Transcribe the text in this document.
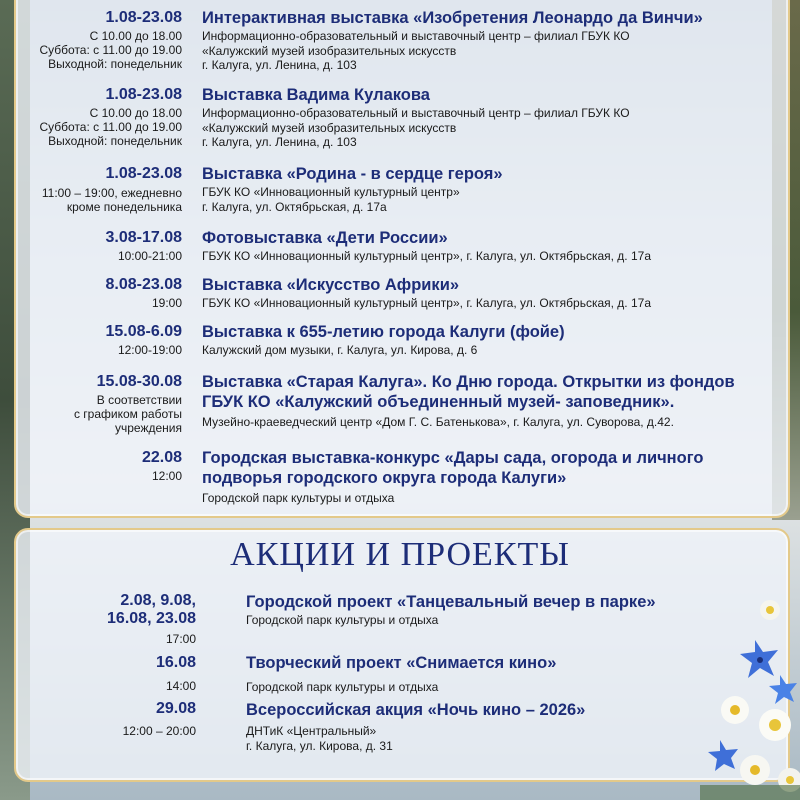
1.08-23.08
С 10.00 до 18.00
Суббота: с 11.00 до 19.00
Выходной: понедельник
Интерактивная выставка «Изобретения Леонардо да Винчи»
Информационно-образовательный и выставочный центр – филиал ГБУК КО
«Калужский музей изобразительных искусств
г. Калуга, ул. Ленина, д. 103
1.08-23.08
С 10.00 до 18.00
Суббота: с 11.00 до 19.00
Выходной: понедельник
Выставка Вадима Кулакова
Информационно-образовательный и выставочный центр – филиал ГБУК КО
«Калужский музей изобразительных искусств
г. Калуга, ул. Ленина, д. 103
1.08-23.08
11:00 – 19:00, ежедневно
кроме понедельника
Выставка «Родина - в сердце героя»
ГБУК КО «Инновационный культурный центр»
г. Калуга, ул. Октябрьская, д. 17а
3.08-17.08
10:00-21:00
Фотовыставка «Дети России»
ГБУК КО «Инновационный культурный центр», г. Калуга, ул. Октябрьская, д. 17а
8.08-23.08
19:00
Выставка «Искусство Африки»
ГБУК КО «Инновационный культурный центр», г. Калуга, ул. Октябрьская, д. 17а
15.08-6.09
12:00-19:00
Выставка к 655-летию города Калуги (фойе)
Калужский дом музыки, г. Калуга, ул. Кирова, д. 6
15.08-30.08
В соответствии
с графиком работы
учреждения
Выставка «Старая Калуга». Ко Дню города. Открытки из фондов
ГБУК КО «Калужский объединенный музей- заповедник».
Музейно-краеведческий центр «Дом Г. С. Батенькова», г. Калуга, ул. Суворова, д.42.
22.08
12:00
Городская выставка-конкурс «Дары сада, огорода и личного
подворья городского округа города Калуги»
Городской парк культуры и отдыха
АКЦИИ И ПРОЕКТЫ
2.08, 9.08,
16.08, 23.08
17:00
Городской проект «Танцевальный вечер в парке»
Городской парк культуры и отдыха
16.08
14:00
Творческий проект «Снимается кино»
Городской парк культуры и отдыха
29.08
12:00 – 20:00
Всероссийская акция «Ночь кино – 2026»
ДНТиК «Центральный»
г. Калуга, ул. Кирова, д. 31
